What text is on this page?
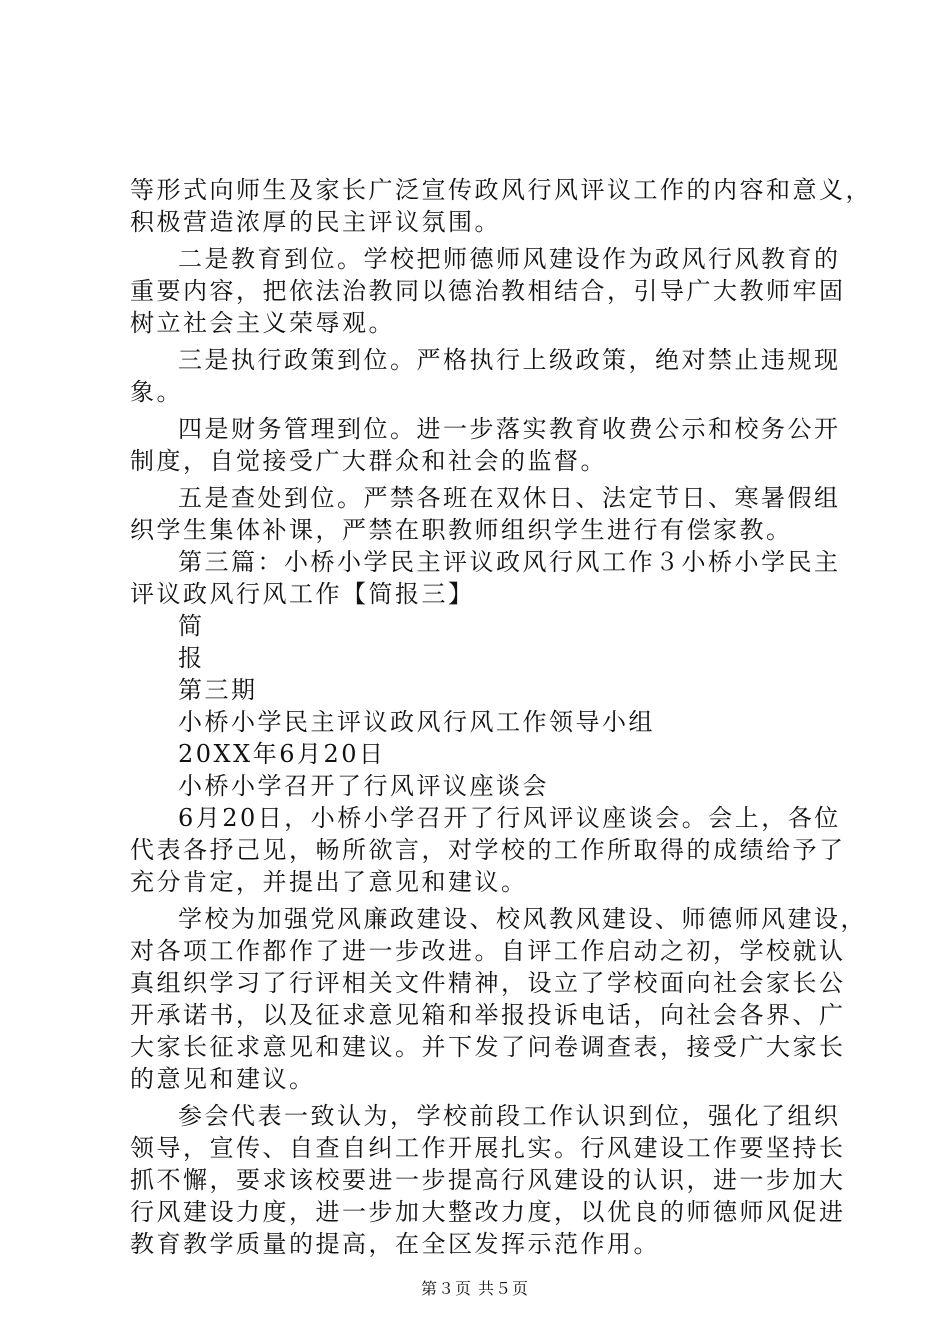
等形式向师生及家长广泛宣传政风行风评议工作的内容和意义，
积极营造浓厚的民主评议氛围。
二是教育到位。学校把师德师风建设作为政风行风教育的
重要内容，把依法治教同以德治教相结合，引导广大教师牢固
树立社会主义荣辱观。
三是执行政策到位。严格执行上级政策，绝对禁止违规现
象。
四是财务管理到位。进一步落实教育收费公示和校务公开
制度，自觉接受广大群众和社会的监督。
五是查处到位。严禁各班在双休日、法定节日、寒暑假组
织学生集体补课，严禁在职教师组织学生进行有偿家教。
第三篇：小桥小学民主评议政风行风工作３小桥小学民主
评议政风行风工作【简报三】
简
报
第三期
小桥小学民主评议政风行风工作领导小组
20XX年6月20日
小桥小学召开了行风评议座谈会
6月20日，小桥小学召开了行风评议座谈会。会上，各位
代表各抒己见，畅所欲言，对学校的工作所取得的成绩给予了
充分肯定，并提出了意见和建议。
学校为加强党风廉政建设、校风教风建设、师德师风建设，
对各项工作都作了进一步改进。自评工作启动之初，学校就认
真组织学习了行评相关文件精神，设立了学校面向社会家长公
开承诺书，以及征求意见箱和举报投诉电话，向社会各界、广
大家长征求意见和建议。并下发了问卷调查表，接受广大家长
的意见和建议。
参会代表一致认为，学校前段工作认识到位，强化了组织
领导，宣传、自查自纠工作开展扎实。行风建设工作要坚持长
抓不懈，要求该校要进一步提高行风建设的认识，进一步加大
行风建设力度，进一步加大整改力度，以优良的师德师风促进
教育教学质量的提高，在全区发挥示范作用。
第３页 共５页
